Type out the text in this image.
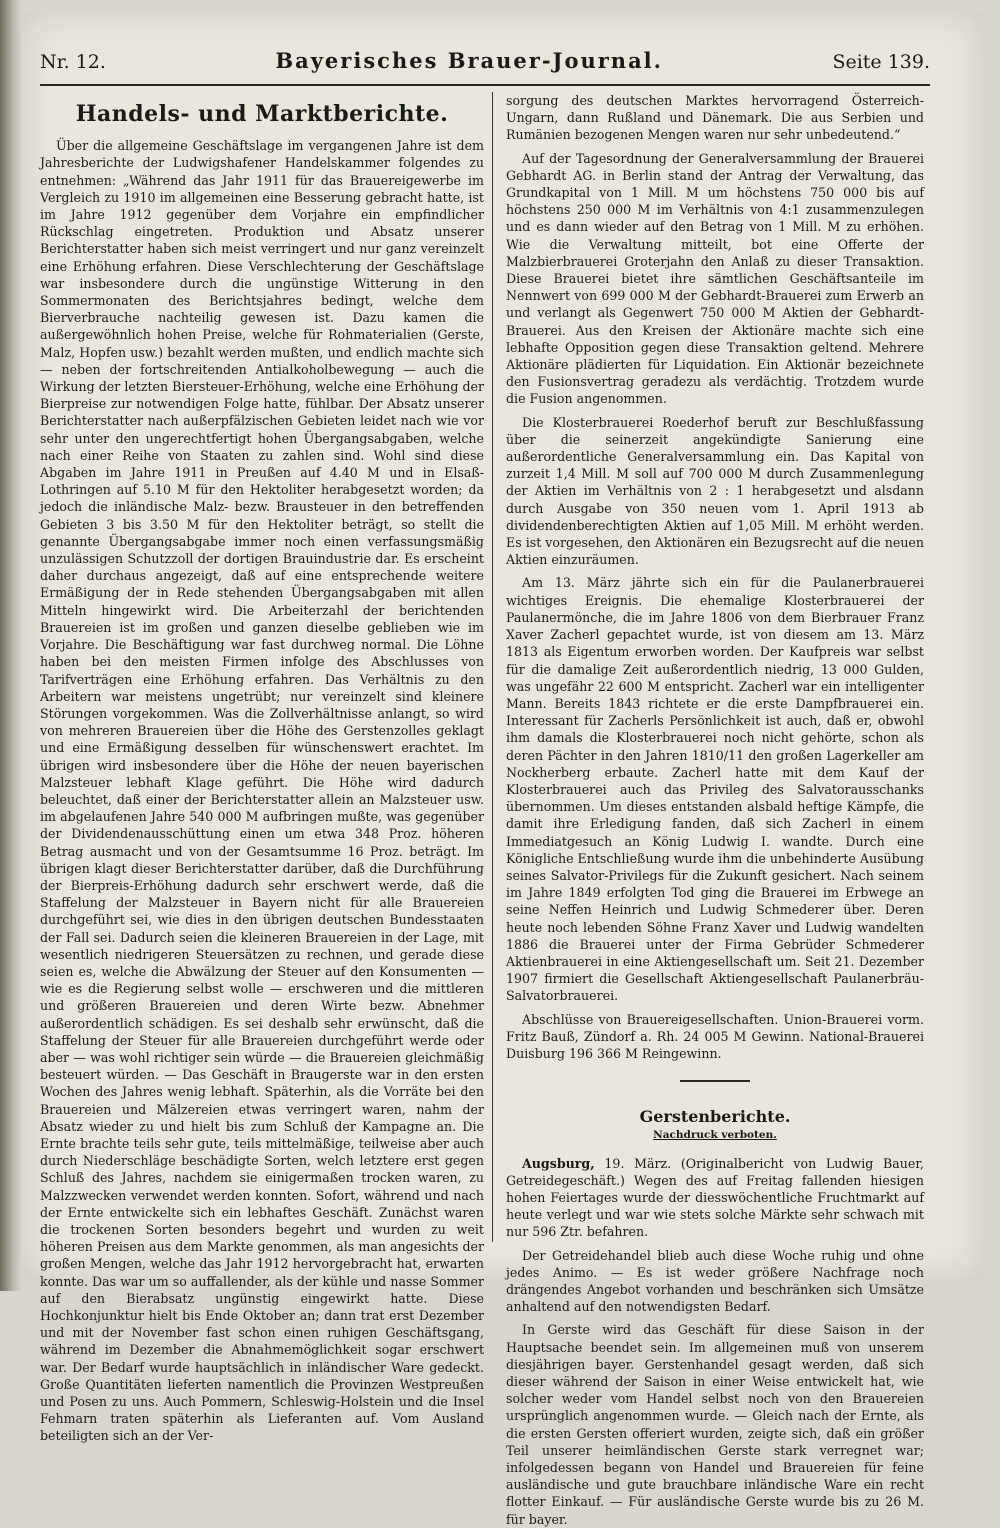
Nr. 12.	Bayerisches Brauer-Journal.	Seite 139.
Handels- und Marktberichte.

Über die allgemeine Geschäftslage im vergangenen Jahre ist dem Jahresberichte der Ludwigshafener Handelskammer folgendes zu entnehmen: „Während das Jahr 1911 für das Brauereigewerbe im Vergleich zu 1910 im allgemeinen eine Besserung gebracht hatte, ist im Jahre 1912 gegenüber dem Vorjahre ein empfindlicher Rückschlag eingetreten. Produktion und Absatz unserer Berichterstatter haben sich meist verringert und nur ganz vereinzelt eine Erhöhung erfahren. Diese Verschlechterung der Geschäftslage war insbesondere durch die ungünstige Witterung in den Sommermonaten des Berichtsjahres bedingt, welche dem Bierverbrauche nachteilig gewesen ist. Dazu kamen die außergewöhnlich hohen Preise, welche für Rohmaterialien (Gerste, Malz, Hopfen usw.) bezahlt werden mußten, und endlich machte sich — neben der fortschreitenden Antialkoholbewegung — auch die Wirkung der letzten Biersteuer-Erhöhung, welche eine Erhöhung der Bierpreise zur notwendigen Folge hatte, fühlbar. Der Absatz unserer Berichterstatter nach außerpfälzischen Gebieten leidet nach wie vor sehr unter den ungerechtfertigt hohen Übergangsabgaben, welche nach einer Reihe von Staaten zu zahlen sind. Wohl sind diese Abgaben im Jahre 1911 in Preußen auf 4.40 M und in Elsaß-Lothringen auf 5.10 M für den Hektoliter herabgesetzt worden; da jedoch die inländische Malz- bezw. Brausteuer in den betreffenden Gebieten 3 bis 3.50 M für den Hektoliter beträgt, so stellt die genannte Übergangsabgabe immer noch einen verfassungsmäßig unzulässigen Schutzzoll der dortigen Brauindustrie dar. Es erscheint daher durchaus angezeigt, daß auf eine entsprechende weitere Ermäßigung der in Rede stehenden Übergangsabgaben mit allen Mitteln hingewirkt wird. Die Arbeiterzahl der berichtenden Brauereien ist im großen und ganzen dieselbe geblieben wie im Vorjahre. Die Beschäftigung war fast durchweg normal. Die Löhne haben bei den meisten Firmen infolge des Abschlusses von Tarifverträgen eine Erhöhung erfahren. Das Verhältnis zu den Arbeitern war meistens ungetrübt; nur vereinzelt sind kleinere Störungen vorgekommen. Was die Zollverhältnisse anlangt, so wird von mehreren Brauereien über die Höhe des Gerstenzolles geklagt und eine Ermäßigung desselben für wünschenswert erachtet. Im übrigen wird insbesondere über die Höhe der neuen bayerischen Malzsteuer lebhaft Klage geführt. Die Höhe wird dadurch beleuchtet, daß einer der Berichterstatter allein an Malzsteuer usw. im abgelaufenen Jahre 540 000 M aufbringen mußte, was gegenüber der Dividendenausschüttung einen um etwa 348 Proz. höheren Betrag ausmacht und von der Gesamtsumme 16 Proz. beträgt. Im übrigen klagt dieser Berichterstatter darüber, daß die Durchführung der Bierpreis-Erhöhung dadurch sehr erschwert werde, daß die Staffelung der Malzsteuer in Bayern nicht für alle Brauereien durchgeführt sei, wie dies in den übrigen deutschen Bundesstaaten der Fall sei. Dadurch seien die kleineren Brauereien in der Lage, mit wesentlich niedrigeren Steuersätzen zu rechnen, und gerade diese seien es, welche die Abwälzung der Steuer auf den Konsumenten — wie es die Regierung selbst wolle — erschweren und die mittleren und größeren Brauereien und deren Wirte bezw. Abnehmer außerordentlich schädigen. Es sei deshalb sehr erwünscht, daß die Staffelung der Steuer für alle Brauereien durchgeführt werde oder aber — was wohl richtiger sein würde — die Brauereien gleichmäßig besteuert würden. — Das Geschäft in Braugerste war in den ersten Wochen des Jahres wenig lebhaft. Späterhin, als die Vorräte bei den Brauereien und Mälzereien etwas verringert waren, nahm der Absatz wieder zu und hielt bis zum Schluß der Kampagne an. Die Ernte brachte teils sehr gute, teils mittelmäßige, teilweise aber auch durch Niederschläge beschädigte Sorten, welch letztere erst gegen Schluß des Jahres, nachdem sie einigermaßen trocken waren, zu Malzzwecken verwendet werden konnten. Sofort, während und nach der Ernte entwickelte sich ein lebhaftes Geschäft. Zunächst waren die trockenen Sorten besonders begehrt und wurden zu weit höheren Preisen aus dem Markte genommen, als man angesichts der großen Mengen, welche das Jahr 1912 hervorgebracht hat, erwarten konnte. Das war um so auffallender, als der kühle und nasse Sommer auf den Bierabsatz ungünstig eingewirkt hatte. Diese Hochkonjunktur hielt bis Ende Oktober an; dann trat erst Dezember und mit der November fast schon einen ruhigen Geschäftsgang, während im Dezember die Abnahmemöglichkeit sogar erschwert war. Der Bedarf wurde hauptsächlich in inländischer Ware gedeckt. Große Quantitäten lieferten namentlich die Provinzen Westpreußen und Posen zu uns. Auch Pommern, Schleswig-Holstein und die Insel Fehmarn traten späterhin als Lieferanten auf. Vom Ausland beteiligten sich an der Ver-

sorgung des deutschen Marktes hervorragend Österreich-Ungarn, dann Rußland und Dänemark. Die aus Serbien und Rumänien bezogenen Mengen waren nur sehr unbedeutend.“

Auf der Tagesordnung der Generalversammlung der Brauerei Gebhardt AG. in Berlin stand der Antrag der Verwaltung, das Grundkapital von 1 Mill. M um höchstens 750 000 bis auf höchstens 250 000 M im Verhältnis von 4:1 zusammenzulegen und es dann wieder auf den Betrag von 1 Mill. M zu erhöhen. Wie die Verwaltung mitteilt, bot eine Offerte der Malzbierbrauerei Groterjahn den Anlaß zu dieser Transaktion. Diese Brauerei bietet ihre sämtlichen Geschäftsanteile im Nennwert von 699 000 M der Gebhardt-Brauerei zum Erwerb an und verlangt als Gegenwert 750 000 M Aktien der Gebhardt-Brauerei. Aus den Kreisen der Aktionäre machte sich eine lebhafte Opposition gegen diese Transaktion geltend. Mehrere Aktionäre plädierten für Liquidation. Ein Aktionär bezeichnete den Fusionsvertrag geradezu als verdächtig. Trotzdem wurde die Fusion angenommen.

Die Klosterbrauerei Roederhof beruft zur Beschlußfassung über die seinerzeit angekündigte Sanierung eine außerordentliche Generalversammlung ein. Das Kapital von zurzeit 1,4 Mill. M soll auf 700 000 M durch Zusammenlegung der Aktien im Verhältnis von 2 : 1 herabgesetzt und alsdann durch Ausgabe von 350 neuen vom 1. April 1913 ab dividendenberechtigten Aktien auf 1,05 Mill. M erhöht werden. Es ist vorgesehen, den Aktionären ein Bezugsrecht auf die neuen Aktien einzuräumen.

Am 13. März jährte sich ein für die Paulanerbrauerei wichtiges Ereignis. Die ehemalige Klosterbrauerei der Paulanermönche, die im Jahre 1806 von dem Bierbrauer Franz Xaver Zacherl gepachtet wurde, ist von diesem am 13. März 1813 als Eigentum erworben worden. Der Kaufpreis war selbst für die damalige Zeit außerordentlich niedrig, 13 000 Gulden, was ungefähr 22 600 M entspricht. Zacherl war ein intelligenter Mann. Bereits 1843 richtete er die erste Dampfbrauerei ein. Interessant für Zacherls Persönlichkeit ist auch, daß er, obwohl ihm damals die Klosterbrauerei noch nicht gehörte, schon als deren Pächter in den Jahren 1810/11 den großen Lagerkeller am Nockherberg erbaute. Zacherl hatte mit dem Kauf der Klosterbrauerei auch das Privileg des Salvatorausschanks übernommen. Um dieses entstanden alsbald heftige Kämpfe, die damit ihre Erledigung fanden, daß sich Zacherl in einem Immediatgesuch an König Ludwig I. wandte. Durch eine Königliche Entschließung wurde ihm die unbehinderte Ausübung seines Salvator-Privilegs für die Zukunft gesichert. Nach seinem im Jahre 1849 erfolgten Tod ging die Brauerei im Erbwege an seine Neffen Heinrich und Ludwig Schmederer über. Deren heute noch lebenden Söhne Franz Xaver und Ludwig wandelten 1886 die Brauerei unter der Firma Gebrüder Schmederer Aktienbrauerei in eine Aktiengesellschaft um. Seit 21. Dezember 1907 firmiert die Gesellschaft Aktiengesellschaft Paulanerbräu-Salvatorbrauerei.

Abschlüsse von Brauereigesellschaften. Union-Brauerei vorm. Fritz Bauß, Zündorf a. Rh. 24 005 M Gewinn. National-Brauerei Duisburg 196 366 M Reingewinn.

Gerstenberichte.
Nachdruck verboten.

Augsburg, 19. März. (Originalbericht von Ludwig Bauer, Getreidegeschäft.) Wegen des auf Freitag fallenden hiesigen hohen Feiertages wurde der diesswöchentliche Fruchtmarkt auf heute verlegt und war wie stets solche Märkte sehr schwach mit nur 596 Ztr. befahren.

Der Getreidehandel blieb auch diese Woche ruhig und ohne jedes Animo. — Es ist weder größere Nachfrage noch drängendes Angebot vorhanden und beschränken sich Umsätze anhaltend auf den notwendigsten Bedarf.

In Gerste wird das Geschäft für diese Saison in der Hauptsache beendet sein. Im allgemeinen muß von unserem diesjährigen bayer. Gerstenhandel gesagt werden, daß sich dieser während der Saison in einer Weise entwickelt hat, wie solcher weder vom Handel selbst noch von den Brauereien ursprünglich angenommen wurde. — Gleich nach der Ernte, als die ersten Gersten offeriert wurden, zeigte sich, daß ein größer Teil unserer heimländischen Gerste stark verregnet war; infolgedessen begann von Handel und Brauereien für feine ausländische und gute brauchbare inländische Ware ein recht flotter Einkauf. — Für ausländische Gerste wurde bis zu 26 M. für bayer.
